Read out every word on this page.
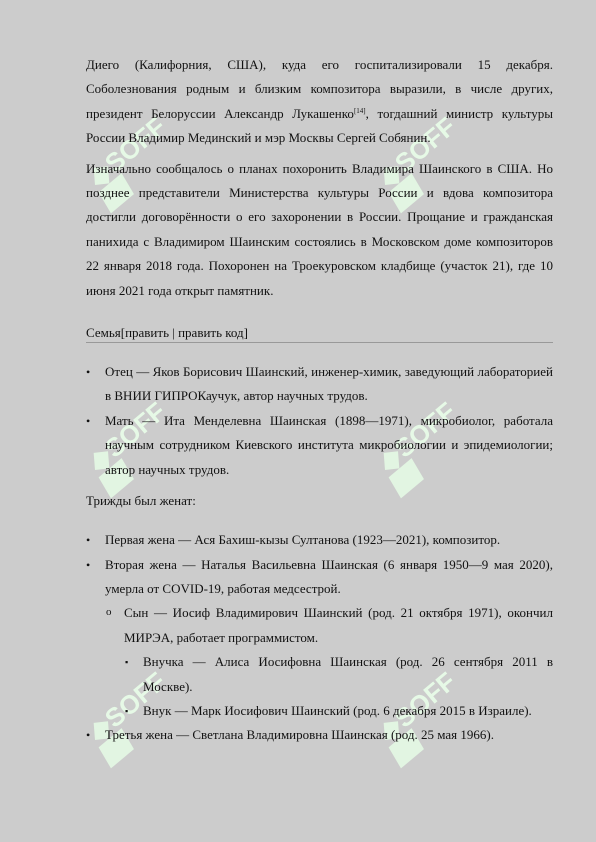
Диего (Калифорния, США), куда его госпитализировали 15 декабря. Соболезнования родным и близким композитора выразили, в числе других, президент Белоруссии Александр Лукашенко[14], тогдашний министр культуры России Владимир Мединский и мэр Москвы Сергей Собянин.

Изначально сообщалось о планах похоронить Владимира Шаинского в США. Но позднее представители Министерства культуры России и вдова композитора достигли договорённости о его захоронении в России. Прощание и гражданская панихида с Владимиром Шаинским состоялись в Московском доме композиторов 22 января 2018 года. Похоронен на Троекуровском кладбище (участок 21), где 10 июня 2021 года открыт памятник.

Семья[править | править код]
• Отец — Яков Борисович Шаинский, инженер-химик, заведующий лабораторией в ВНИИ ГИПРОКаучук, автор научных трудов.
• Мать — Ита Менделевна Шаинская (1898—1971), микробиолог, работала научным сотрудником Киевского института микробиологии и эпидемиологии; автор научных трудов.

Трижды был женат:

• Первая жена — Ася Бахиш-кызы Султанова (1923—2021), композитор.
• Вторая жена — Наталья Васильевна Шаинская (6 января 1950—9 мая 2020), умерла от COVID-19, работая медсестрой.
o Сын — Иосиф Владимирович Шаинский (род. 21 октября 1971), окончил МИРЭА, работает программистом.
▪ Внучка — Алиса Иосифовна Шаинская (род. 26 сентября 2011 в Москве).
▪ Внук — Марк Иосифович Шаинский (род. 6 декабря 2015 в Израиле).
• Третья жена — Светлана Владимировна Шаинская (род. 25 мая 1966).
